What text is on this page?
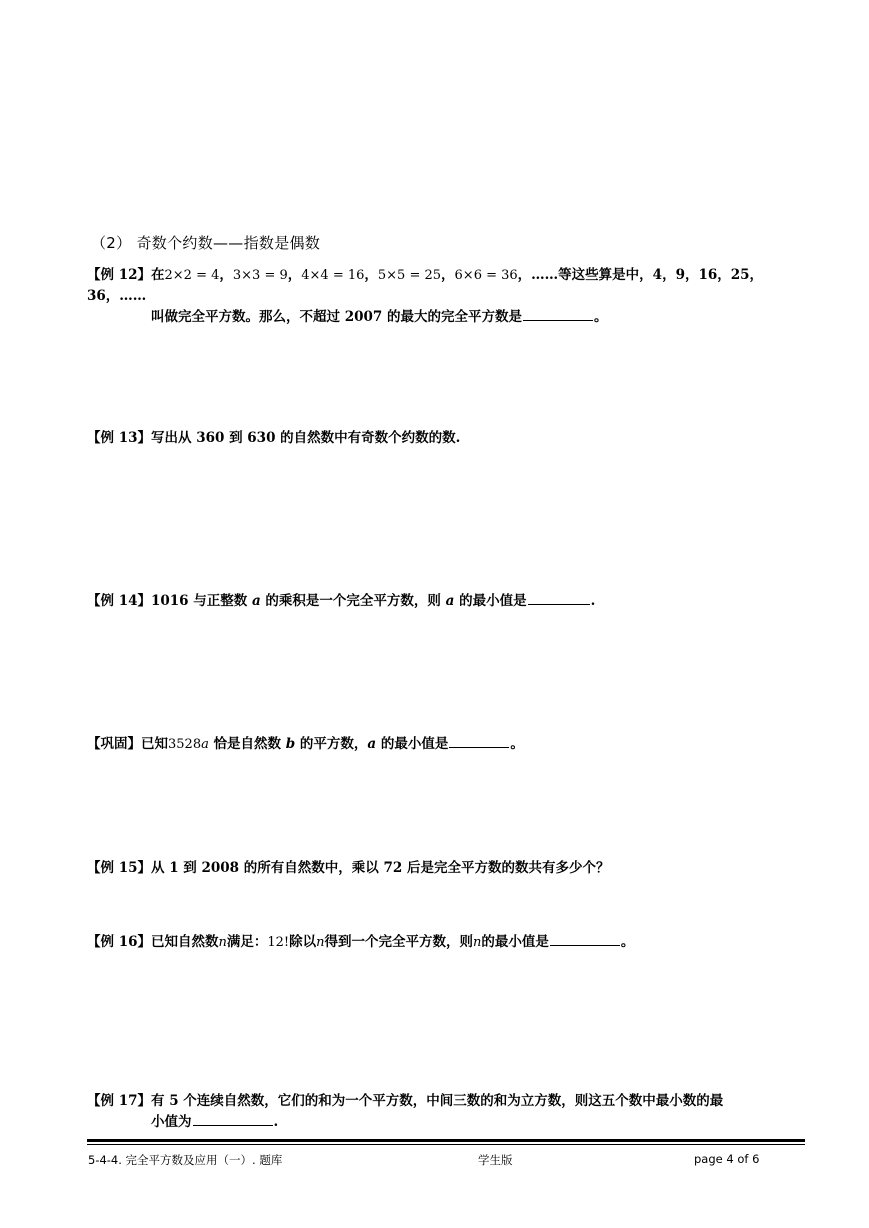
（2） 奇数个约数——指数是偶数
【例 12】在2×2 = 4，3×3 = 9，4×4 = 16，5×5 = 25，6×6 = 36，……等这些算是中，4，9，16，25，36，……
叫做完全平方数。那么，不超过 2007 的最大的完全平方数是	。
【例 13】写出从 360 到 630 的自然数中有奇数个约数的数.
【例 14】1016 与正整数 a 的乘积是一个完全平方数，则 a 的最小值是	.
【巩固】已知3528a 恰是自然数 b 的平方数，a 的最小值是	。
【例 15】从 1 到 2008 的所有自然数中，乘以 72 后是完全平方数的数共有多少个？
【例 16】已知自然数n满足：12!除以n得到一个完全平方数，则n的最小值是	。
【例 17】有 5 个连续自然数，它们的和为一个平方数，中间三数的和为立方数，则这五个数中最小数的最
小值为	.
5-4-4. 完全平方数及应用（一）. 题库	学生版	page 4 of 6
